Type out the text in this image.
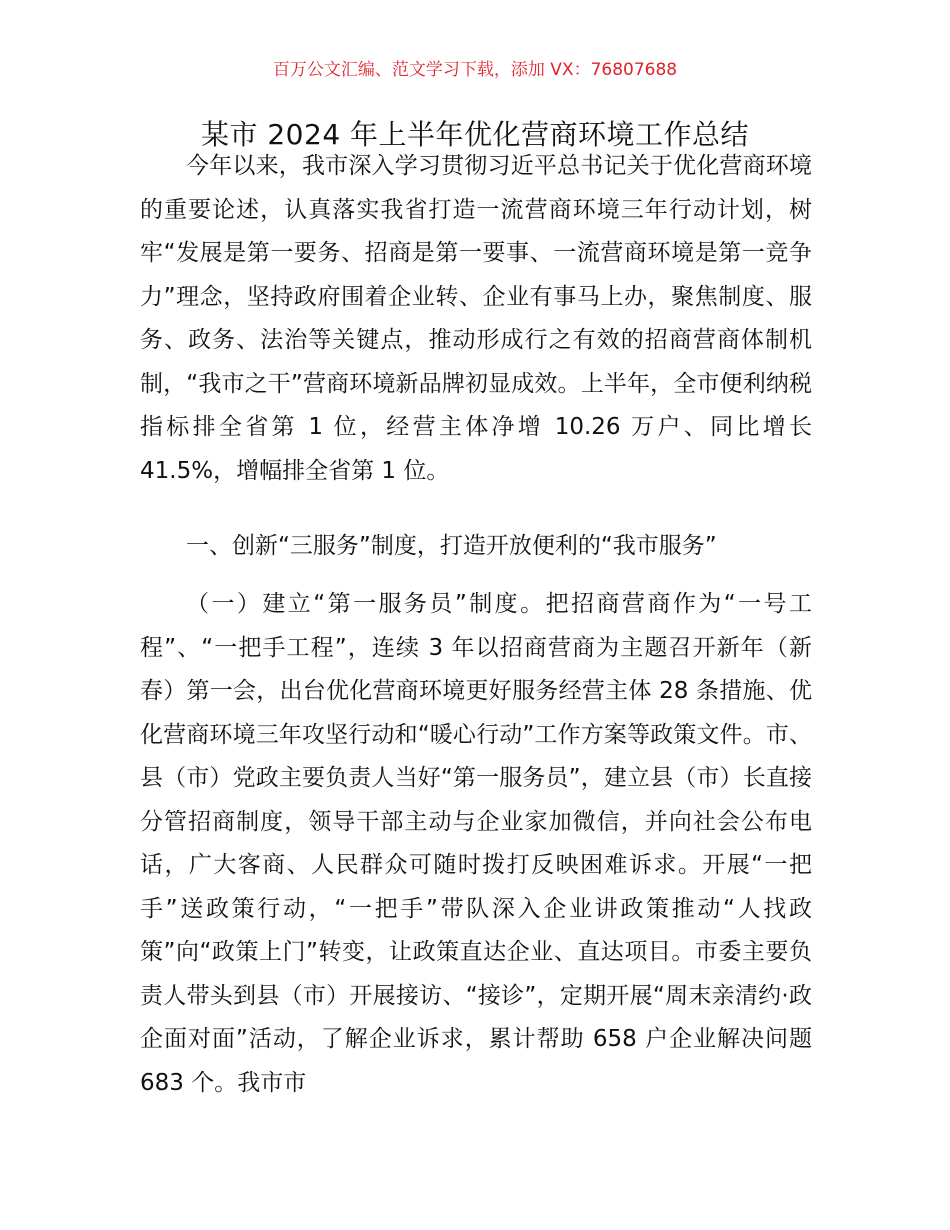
百万公文汇编、范文学习下载，添加 VX：76807688
某市 2024 年上半年优化营商环境工作总结

今年以来，我市深入学习贯彻习近平总书记关于优化营商环境的重要论述，认真落实我省打造一流营商环境三年行动计划，树牢“发展是第一要务、招商是第一要事、一流营商环境是第一竞争力”理念，坚持政府围着企业转、企业有事马上办，聚焦制度、服务、政务、法治等关键点，推动形成行之有效的招商营商体制机制，“我市之干”营商环境新品牌初显成效。上半年，全市便利纳税指标排全省第 1 位，经营主体净增 10.26 万户、同比增长 41.5%，增幅排全省第 1 位。

一、创新“三服务”制度，打造开放便利的“我市服务”

（一）建立“第一服务员”制度。把招商营商作为“一号工程”、“一把手工程”，连续 3 年以招商营商为主题召开新年（新春）第一会，出台优化营商环境更好服务经营主体 28 条措施、优化营商环境三年攻坚行动和“暖心行动”工作方案等政策文件。市、县（市）党政主要负责人当好“第一服务员”，建立县（市）长直接分管招商制度，领导干部主动与企业家加微信，并向社会公布电话，广大客商、人民群众可随时拨打反映困难诉求。开展“一把手”送政策行动，“一把手”带队深入企业讲政策推动“人找政策”向“政策上门”转变，让政策直达企业、直达项目。市委主要负责人带头到县（市）开展接访、“接诊”，定期开展“周末亲清约·政企面对面”活动，了解企业诉求，累计帮助 658 户企业解决问题 683 个。我市市
